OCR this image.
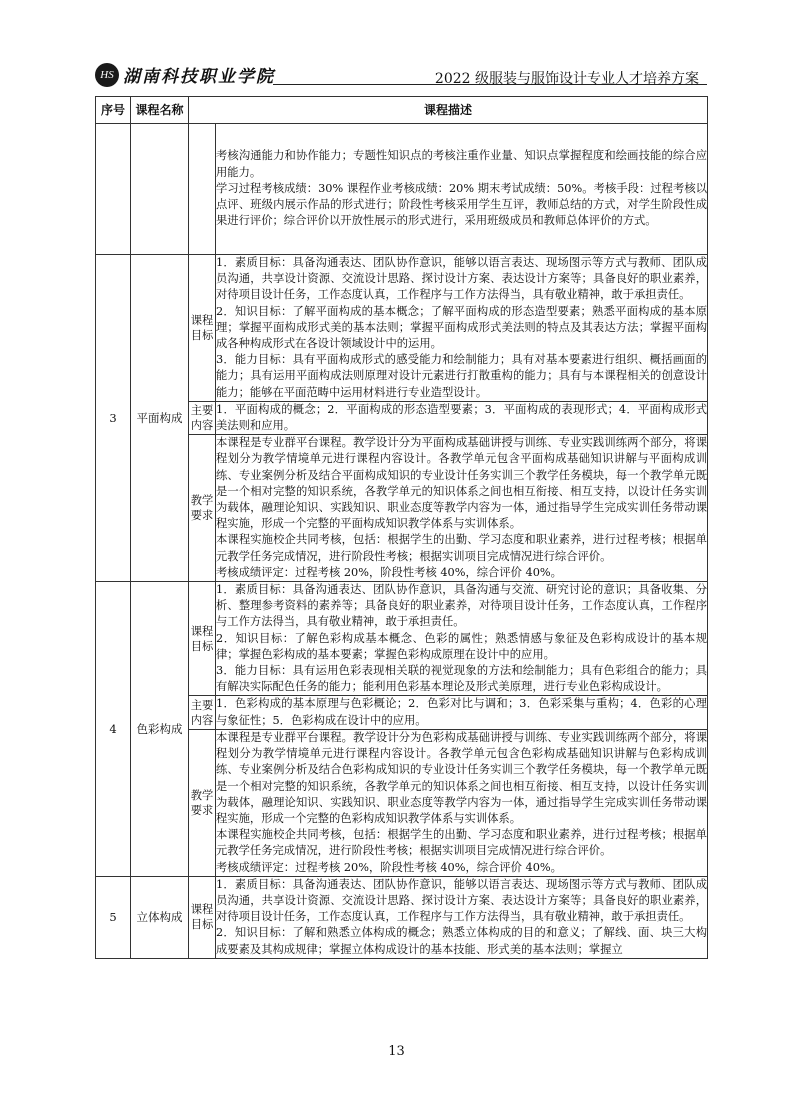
HS 湖南科技职业学院	2022 级服装与服饰设计专业人才培养方案
序号	课程名称	课程描述	

			考核沟通能力和协作能力；专题性知识点的考核注重作业量、知识点掌握程度和绘画技能的综合应用能力。

学习过程考核成绩：30% 课程作业考核成绩：20% 期末考试成绩：50%。考核手段：过程考核以点评、班级内展示作品的形式进行；阶段性考核采用学生互评，教师总结的方式，对学生阶段性成果进行评价；综合评价以开放性展示的形式进行，采用班级成员和教师总体评价的方式。

3	平面构成	课程目标	1．素质目标：具备沟通表达、团队协作意识，能够以语言表达、现场图示等方式与教师、团队成员沟通，共享设计资源、交流设计思路、探讨设计方案、表达设计方案等；具备良好的职业素养，对待项目设计任务，工作态度认真，工作程序与工作方法得当，具有敬业精神，敢于承担责任。

2．知识目标：了解平面构成的基本概念；了解平面构成的形态造型要素；熟悉平面构成的基本原理；掌握平面构成形式美的基本法则；掌握平面构成形式美法则的特点及其表达方法；掌握平面构成各种构成形式在各设计领域设计中的运用。

3．能力目标：具有平面构成形式的感受能力和绘制能力；具有对基本要素进行组织、概括画面的能力；具有运用平面构成法则原理对设计元素进行打散重构的能力；具有与本课程相关的创意设计能力；能够在平面范畴中运用材料进行专业造型设计。

		主要内容	1．平面构成的概念；2．平面构成的形态造型要素；3．平面构成的表现形式；4．平面构成形式美法则和应用。

		教学要求	本课程是专业群平台课程。教学设计分为平面构成基础讲授与训练、专业实践训练两个部分，将课程划分为教学情境单元进行课程内容设计。各教学单元包含平面构成基础知识讲解与平面构成训练、专业案例分析及结合平面构成知识的专业设计任务实训三个教学任务模块，每一个教学单元既是一个相对完整的知识系统，各教学单元的知识体系之间也相互衔接、相互支持，以设计任务实训为载体，融理论知识、实践知识、职业态度等教学内容为一体，通过指导学生完成实训任务带动课程实施，形成一个完整的平面构成知识教学体系与实训体系。

本课程实施校企共同考核，包括：根据学生的出勤、学习态度和职业素养，进行过程考核；根据单元教学任务完成情况，进行阶段性考核；根据实训项目完成情况进行综合评价。

考核成绩评定：过程考核 20%，阶段性考核 40%，综合评价 40%。

4	色彩构成	课程目标	1．素质目标：具备沟通表达、团队协作意识，具备沟通与交流、研究讨论的意识；具备收集、分析、整理参考资料的素养等；具备良好的职业素养，对待项目设计任务，工作态度认真，工作程序与工作方法得当，具有敬业精神，敢于承担责任。

2．知识目标：了解色彩构成基本概念、色彩的属性；熟悉情感与象征及色彩构成设计的基本规律；掌握色彩构成的基本要素；掌握色彩构成原理在设计中的应用。

3．能力目标：具有运用色彩表现相关联的视觉现象的方法和绘制能力；具有色彩组合的能力；具有解决实际配色任务的能力；能利用色彩基本理论及形式美原理，进行专业色彩构成设计。

		主要内容	1．色彩构成的基本原理与色彩概论；2．色彩对比与调和；3．色彩采集与重构；4．色彩的心理与象征性；5．色彩构成在设计中的应用。

		教学要求	本课程是专业群平台课程。教学设计分为色彩构成基础讲授与训练、专业实践训练两个部分，将课程划分为教学情境单元进行课程内容设计。各教学单元包含色彩构成基础知识讲解与色彩构成训练、专业案例分析及结合色彩构成知识的专业设计任务实训三个教学任务模块，每一个教学单元既是一个相对完整的知识系统，各教学单元的知识体系之间也相互衔接、相互支持，以设计任务实训为载体，融理论知识、实践知识、职业态度等教学内容为一体，通过指导学生完成实训任务带动课程实施，形成一个完整的色彩构成知识教学体系与实训体系。

本课程实施校企共同考核，包括：根据学生的出勤、学习态度和职业素养，进行过程考核；根据单元教学任务完成情况，进行阶段性考核；根据实训项目完成情况进行综合评价。

考核成绩评定：过程考核 20%，阶段性考核 40%，综合评价 40%。

5	立体构成	课程目标	1．素质目标：具备沟通表达、团队协作意识，能够以语言表达、现场图示等方式与教师、团队成员沟通，共享设计资源、交流设计思路、探讨设计方案、表达设计方案等；具备良好的职业素养，对待项目设计任务，工作态度认真，工作程序与工作方法得当，具有敬业精神，敢于承担责任。

2．知识目标：了解和熟悉立体构成的概念；熟悉立体构成的目的和意义；了解线、面、块三大构成要素及其构成规律；掌握立体构成设计的基本技能、形式美的基本法则；掌握立

13
